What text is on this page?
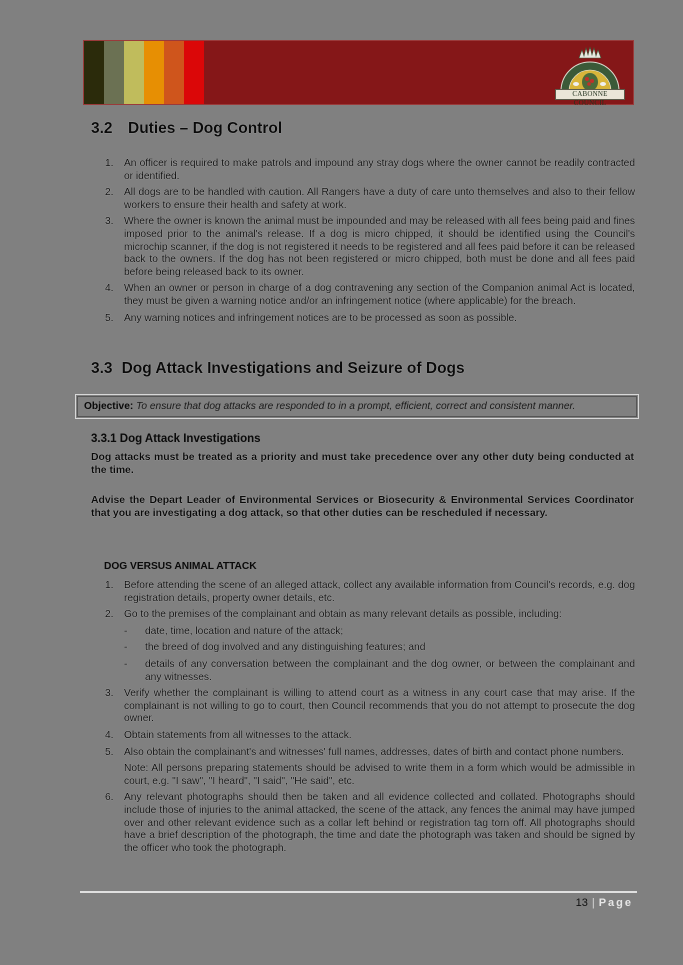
CABONNE COUNCIL
3.2 Duties – Dog Control
1. An officer is required to make patrols and impound any stray dogs where the owner cannot be readily contracted or identified.
2. All dogs are to be handled with caution. All Rangers have a duty of care unto themselves and also to their fellow workers to ensure their health and safety at work.
3. Where the owner is known the animal must be impounded and may be released with all fees being paid and fines imposed prior to the animal's release. If a dog is micro chipped, it should be identified using the Council's microchip scanner, if the dog is not registered it needs to be registered and all fees paid before it can be released back to the owners. If the dog has not been registered or micro chipped, both must be done and all fees paid before being released back to its owner.
4. When an owner or person in charge of a dog contravening any section of the Companion animal Act is located, they must be given a warning notice and/or an infringement notice (where applicable) for the breach.
5. Any warning notices and infringement notices are to be processed as soon as possible.
3.3 Dog Attack Investigations and Seizure of Dogs
Objective: To ensure that dog attacks are responded to in a prompt, efficient, correct and consistent manner.
3.3.1 Dog Attack Investigations
Dog attacks must be treated as a priority and must take precedence over any other duty being conducted at the time.
Advise the Depart Leader of Environmental Services or Biosecurity & Environmental Services Coordinator that you are investigating a dog attack, so that other duties can be rescheduled if necessary.
DOG VERSUS ANIMAL ATTACK
1. Before attending the scene of an alleged attack, collect any available information from Council's records, e.g. dog registration details, property owner details, etc.
2. Go to the premises of the complainant and obtain as many relevant details as possible, including:
- date, time, location and nature of the attack;
- the breed of dog involved and any distinguishing features; and
- details of any conversation between the complainant and the dog owner, or between the complainant and any witnesses.
3. Verify whether the complainant is willing to attend court as a witness in any court case that may arise. If the complainant is not willing to go to court, then Council recommends that you do not attempt to prosecute the dog owner.
4. Obtain statements from all witnesses to the attack.
5. Also obtain the complainant's and witnesses' full names, addresses, dates of birth and contact phone numbers.
Note: All persons preparing statements should be advised to write them in a form which would be admissible in court, e.g. "I saw", "I heard", "I said", "He said", etc.
6. Any relevant photographs should then be taken and all evidence collected and collated. Photographs should include those of injuries to the animal attacked, the scene of the attack, any fences the animal may have jumped over and other relevant evidence such as a collar left behind or registration tag torn off. All photographs should have a brief description of the photograph, the time and date the photograph was taken and should be signed by the officer who took the photograph.
13 | Page
